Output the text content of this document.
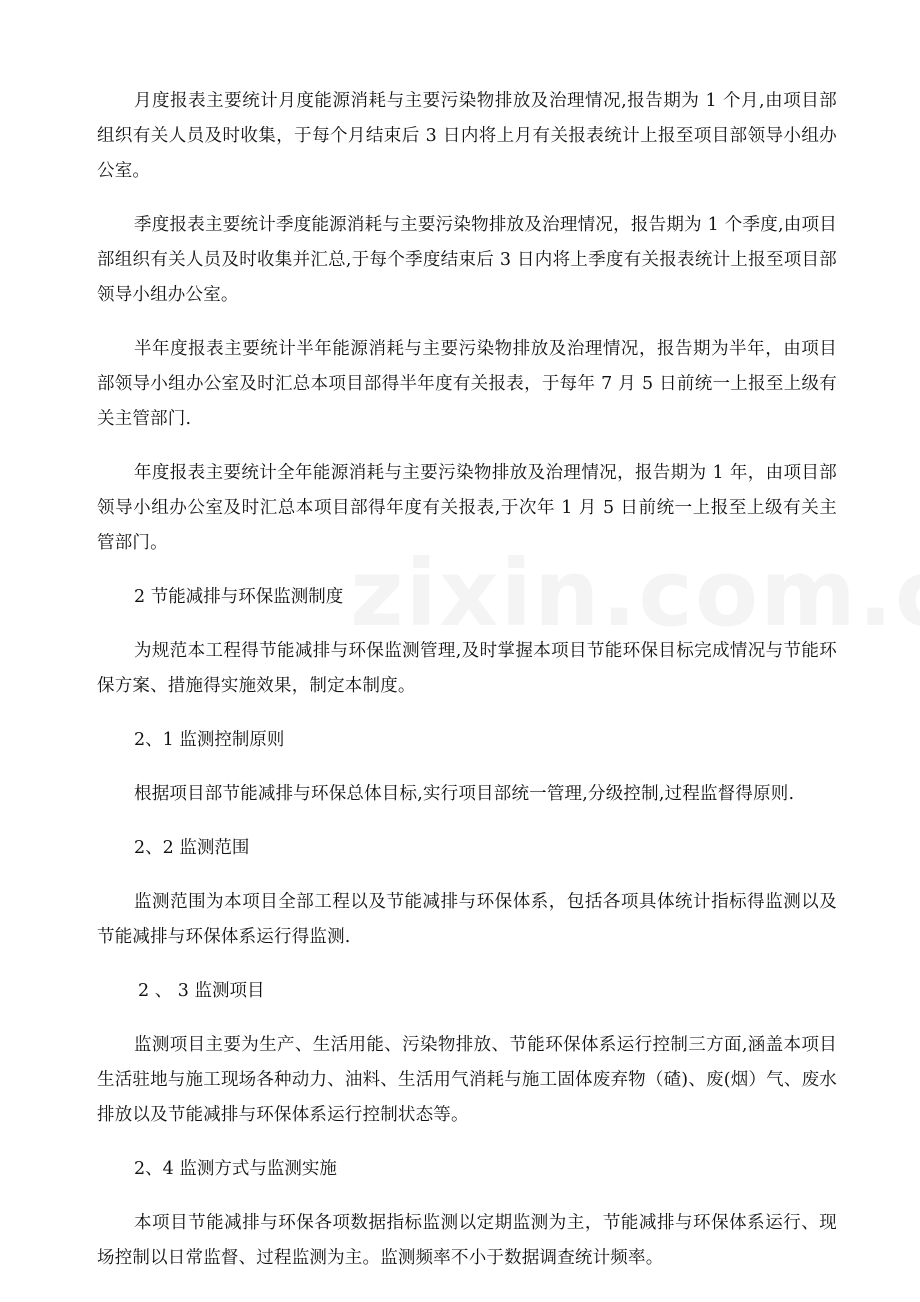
月度报表主要统计月度能源消耗与主要污染物排放及治理情况,报告期为 1 个月,由项目部组织有关人员及时收集，于每个月结束后 3 日内将上月有关报表统计上报至项目部领导小组办公室。

季度报表主要统计季度能源消耗与主要污染物排放及治理情况，报告期为 1 个季度,由项目部组织有关人员及时收集并汇总,于每个季度结束后 3 日内将上季度有关报表统计上报至项目部领导小组办公室。

半年度报表主要统计半年能源消耗与主要污染物排放及治理情况，报告期为半年，由项目部领导小组办公室及时汇总本项目部得半年度有关报表，于每年 7 月 5 日前统一上报至上级有关主管部门.

年度报表主要统计全年能源消耗与主要污染物排放及治理情况，报告期为 1 年，由项目部领导小组办公室及时汇总本项目部得年度有关报表,于次年 1 月 5 日前统一上报至上级有关主管部门。

2 节能减排与环保监测制度

为规范本工程得节能减排与环保监测管理,及时掌握本项目节能环保目标完成情况与节能环保方案、措施得实施效果，制定本制度。

2、1 监测控制原则

根据项目部节能减排与环保总体目标,实行项目部统一管理,分级控制,过程监督得原则.

2、2 监测范围

监测范围为本项目全部工程以及节能减排与环保体系，包括各项具体统计指标得监测以及节能减排与环保体系运行得监测.

2 、 3 监测项目

监测项目主要为生产、生活用能、污染物排放、节能环保体系运行控制三方面,涵盖本项目生活驻地与施工现场各种动力、油料、生活用气消耗与施工固体废弃物（碴)、废(烟）气、废水排放以及节能减排与环保体系运行控制状态等。

2、4 监测方式与监测实施

本项目节能减排与环保各项数据指标监测以定期监测为主，节能减排与环保体系运行、现场控制以日常监督、过程监测为主。监测频率不小于数据调查统计频率。
